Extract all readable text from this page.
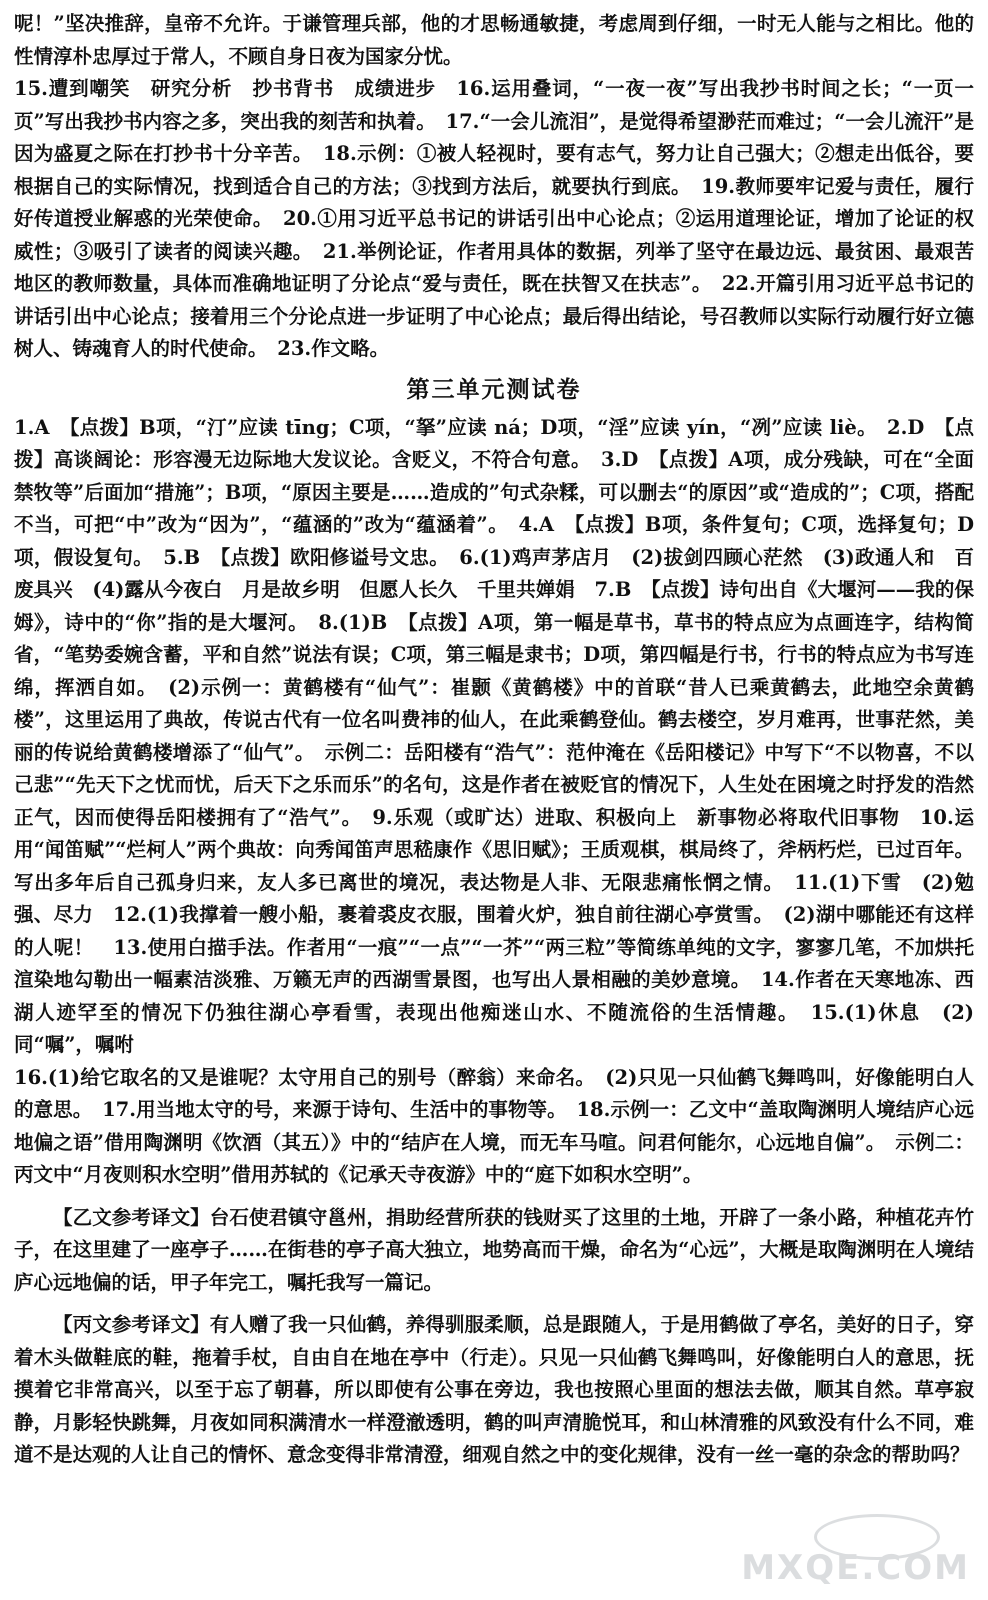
呢！”坚决推辞，皇帝不允许。于谦管理兵部，他的才思畅通敏捷，考虑周到仔细，一时无人能与之相比。他的性情淳朴忠厚过于常人，不顾自身日夜为国家分忧。

15.遭到嘲笑　研究分析　抄书背书　成绩进步　16.运用叠词，“一夜一夜”写出我抄书时间之长；“一页一页”写出我抄书内容之多，突出我的刻苦和执着。　17.“一会儿流泪”，是觉得希望渺茫而难过；“一会儿流汗”是因为盛夏之际在打抄书十分辛苦。　18.示例：①被人轻视时，要有志气，努力让自己强大；②想走出低谷，要根据自己的实际情况，找到适合自己的方法；③找到方法后，就要执行到底。　19.教师要牢记爱与责任，履行好传道授业解惑的光荣使命。　20.①用习近平总书记的讲话引出中心论点；②运用道理论证，增加了论证的权威性；③吸引了读者的阅读兴趣。　21.举例论证，作者用具体的数据，列举了坚守在最边远、最贫困、最艰苦地区的教师数量，具体而准确地证明了分论点“爱与责任，既在扶智又在扶志”。　22.开篇引用习近平总书记的讲话引出中心论点；接着用三个分论点进一步证明了中心论点；最后得出结论，号召教师以实际行动履行好立德树人、铸魂育人的时代使命。　23.作文略。

第三单元测试卷

1.A　【点拨】B项，“汀”应读 tīng；C项，“拏”应读 ná；D项，“淫”应读 yín，“冽”应读 liè。　2.D　【点拨】高谈阔论：形容漫无边际地大发议论。含贬义，不符合句意。　3.D　【点拨】A项，成分残缺，可在“全面禁牧等”后面加“措施”；B项，“原因主要是……造成的”句式杂糅，可以删去“的原因”或“造成的”；C项，搭配不当，可把“中”改为“因为”，“蕴涵的”改为“蕴涵着”。　4.A　【点拨】B项，条件复句；C项，选择复句；D项，假设复句。　5.B　【点拨】欧阳修谥号文忠。　6.(1)鸡声茅店月　(2)拔剑四顾心茫然　(3)政通人和　百废具兴　(4)露从今夜白　月是故乡明　但愿人长久　千里共婵娟　7.B　【点拨】诗句出自《大堰河——我的保姆》，诗中的“你”指的是大堰河。　8.(1)B　【点拨】A项，第一幅是草书，草书的特点应为点画连字，结构简省，“笔势委婉含蓄，平和自然”说法有误；C项，第三幅是隶书；D项，第四幅是行书，行书的特点应为书写连绵，挥洒自如。　(2)示例一：黄鹤楼有“仙气”：崔颢《黄鹤楼》中的首联“昔人已乘黄鹤去，此地空余黄鹤楼”，这里运用了典故，传说古代有一位名叫费祎的仙人，在此乘鹤登仙。鹤去楼空，岁月难再，世事茫然，美丽的传说给黄鹤楼增添了“仙气”。　示例二：岳阳楼有“浩气”：范仲淹在《岳阳楼记》中写下“不以物喜，不以己悲”“先天下之忧而忧，后天下之乐而乐”的名句，这是作者在被贬官的情况下，人生处在困境之时抒发的浩然正气，因而使得岳阳楼拥有了“浩气”。　9.乐观（或旷达）进取、积极向上　新事物必将取代旧事物　10.运用“闻笛赋”“烂柯人”两个典故：向秀闻笛声思嵇康作《思旧赋》；王质观棋，棋局终了，斧柄朽烂，已过百年。写出多年后自己孤身归来，友人多已离世的境况，表达物是人非、无限悲痛怅惘之情。　11.(1)下雪　(2)勉强、尽力　12.(1)我撑着一艘小船，裹着裘皮衣服，围着火炉，独自前往湖心亭赏雪。　(2)湖中哪能还有这样的人呢！　13.使用白描手法。作者用“一痕”“一点”“一芥”“两三粒”等简练单纯的文字，寥寥几笔，不加烘托渲染地勾勒出一幅素洁淡雅、万籁无声的西湖雪景图，也写出人景相融的美妙意境。　14.作者在天寒地冻、西湖人迹罕至的情况下仍独往湖心亭看雪，表现出他痴迷山水、不随流俗的生活情趣。　15.(1)休息　(2)同“嘱”，嘱咐

16.(1)给它取名的又是谁呢？太守用自己的别号（醉翁）来命名。　(2)只见一只仙鹤飞舞鸣叫，好像能明白人的意思。　17.用当地太守的号，来源于诗句、生活中的事物等。　18.示例一：乙文中“盖取陶渊明人境结庐心远地偏之语”借用陶渊明《饮酒（其五）》中的“结庐在人境，而无车马喧。问君何能尔，心远地自偏”。　示例二：丙文中“月夜则积水空明”借用苏轼的《记承天寺夜游》中的“庭下如积水空明”。

【乙文参考译文】台石使君镇守邕州，捐助经营所获的钱财买了这里的土地，开辟了一条小路，种植花卉竹子，在这里建了一座亭子……在街巷的亭子高大独立，地势高而干燥，命名为“心远”，大概是取陶渊明在人境结庐心远地偏的话，甲子年完工，嘱托我写一篇记。

【丙文参考译文】有人赠了我一只仙鹤，养得驯服柔顺，总是跟随人，于是用鹤做了亭名，美好的日子，穿着木头做鞋底的鞋，拖着手杖，自由自在地在亭中（行走）。只见一只仙鹤飞舞鸣叫，好像能明白人的意思，抚摸着它非常高兴，以至于忘了朝暮，所以即使有公事在旁边，我也按照心里面的想法去做，顺其自然。草亭寂静，月影轻快跳舞，月夜如同积满清水一样澄澈透明，鹤的叫声清脆悦耳，和山林清雅的风致没有什么不同，难道不是达观的人让自己的情怀、意念变得非常清澄，细观自然之中的变化规律，没有一丝一毫的杂念的帮助吗？

MXQE.COM
